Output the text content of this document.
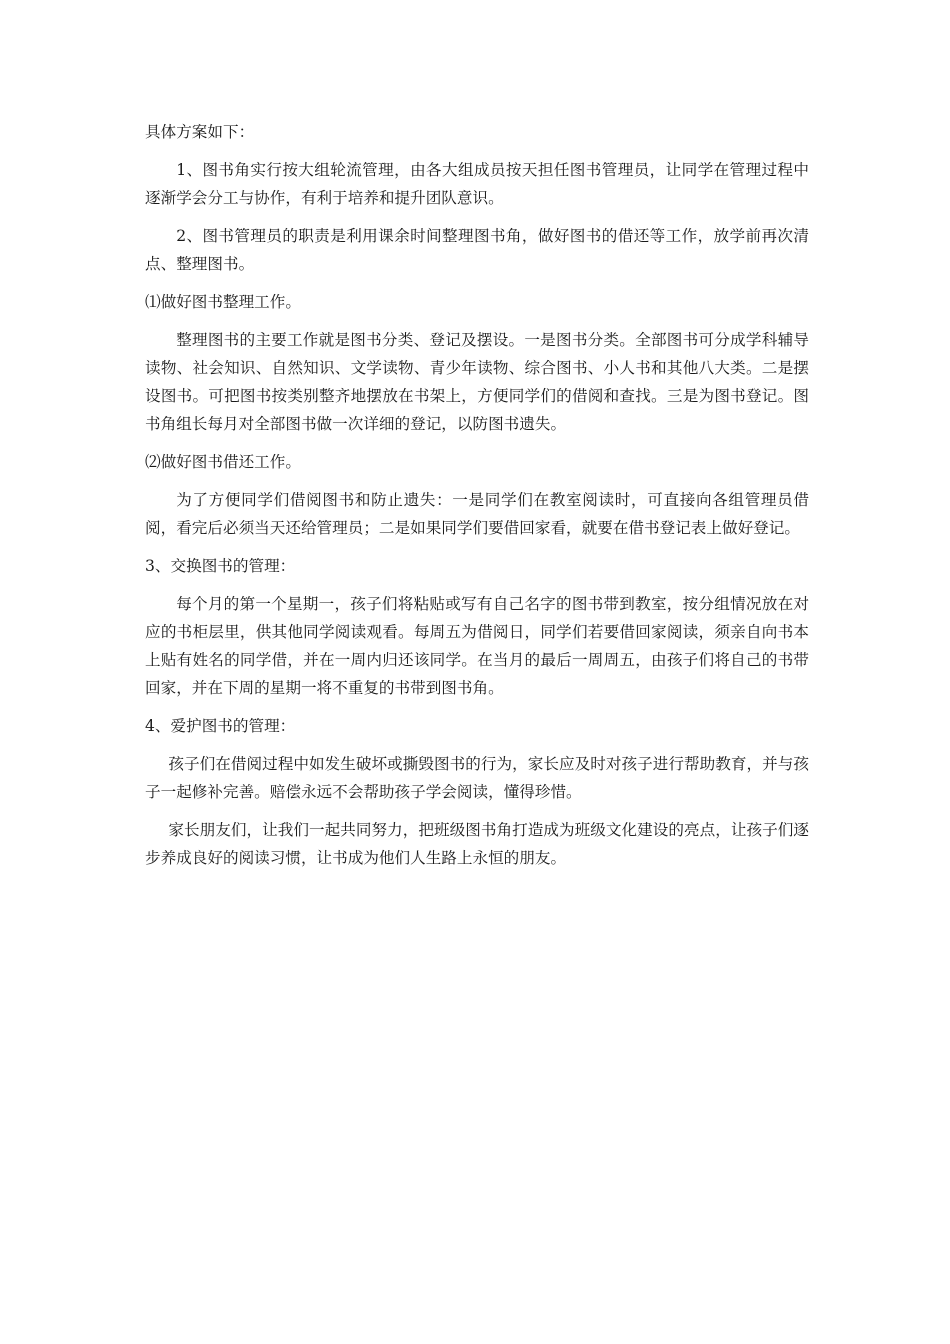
具体方案如下：

1、图书角实行按大组轮流管理，由各大组成员按天担任图书管理员，让同学在管理过程中逐渐学会分工与协作，有利于培养和提升团队意识。

2、图书管理员的职责是利用课余时间整理图书角，做好图书的借还等工作，放学前再次清点、整理图书。

⑴做好图书整理工作。

整理图书的主要工作就是图书分类、登记及摆设。一是图书分类。全部图书可分成学科辅导读物、社会知识、自然知识、文学读物、青少年读物、综合图书、小人书和其他八大类。二是摆设图书。可把图书按类别整齐地摆放在书架上，方便同学们的借阅和查找。三是为图书登记。图书角组长每月对全部图书做一次详细的登记，以防图书遗失。

⑵做好图书借还工作。

为了方便同学们借阅图书和防止遗失：一是同学们在教室阅读时，可直接向各组管理员借阅，看完后必须当天还给管理员；二是如果同学们要借回家看，就要在借书登记表上做好登记。

3、交换图书的管理：

每个月的第一个星期一，孩子们将粘贴或写有自己名字的图书带到教室，按分组情况放在对应的书柜层里，供其他同学阅读观看。每周五为借阅日，同学们若要借回家阅读，须亲自向书本上贴有姓名的同学借，并在一周内归还该同学。在当月的最后一周周五，由孩子们将自己的书带回家，并在下周的星期一将不重复的书带到图书角。

4、爱护图书的管理：

孩子们在借阅过程中如发生破坏或撕毁图书的行为，家长应及时对孩子进行帮助教育，并与孩子一起修补完善。赔偿永远不会帮助孩子学会阅读，懂得珍惜。

家长朋友们，让我们一起共同努力，把班级图书角打造成为班级文化建设的亮点，让孩子们逐步养成良好的阅读习惯，让书成为他们人生路上永恒的朋友。
